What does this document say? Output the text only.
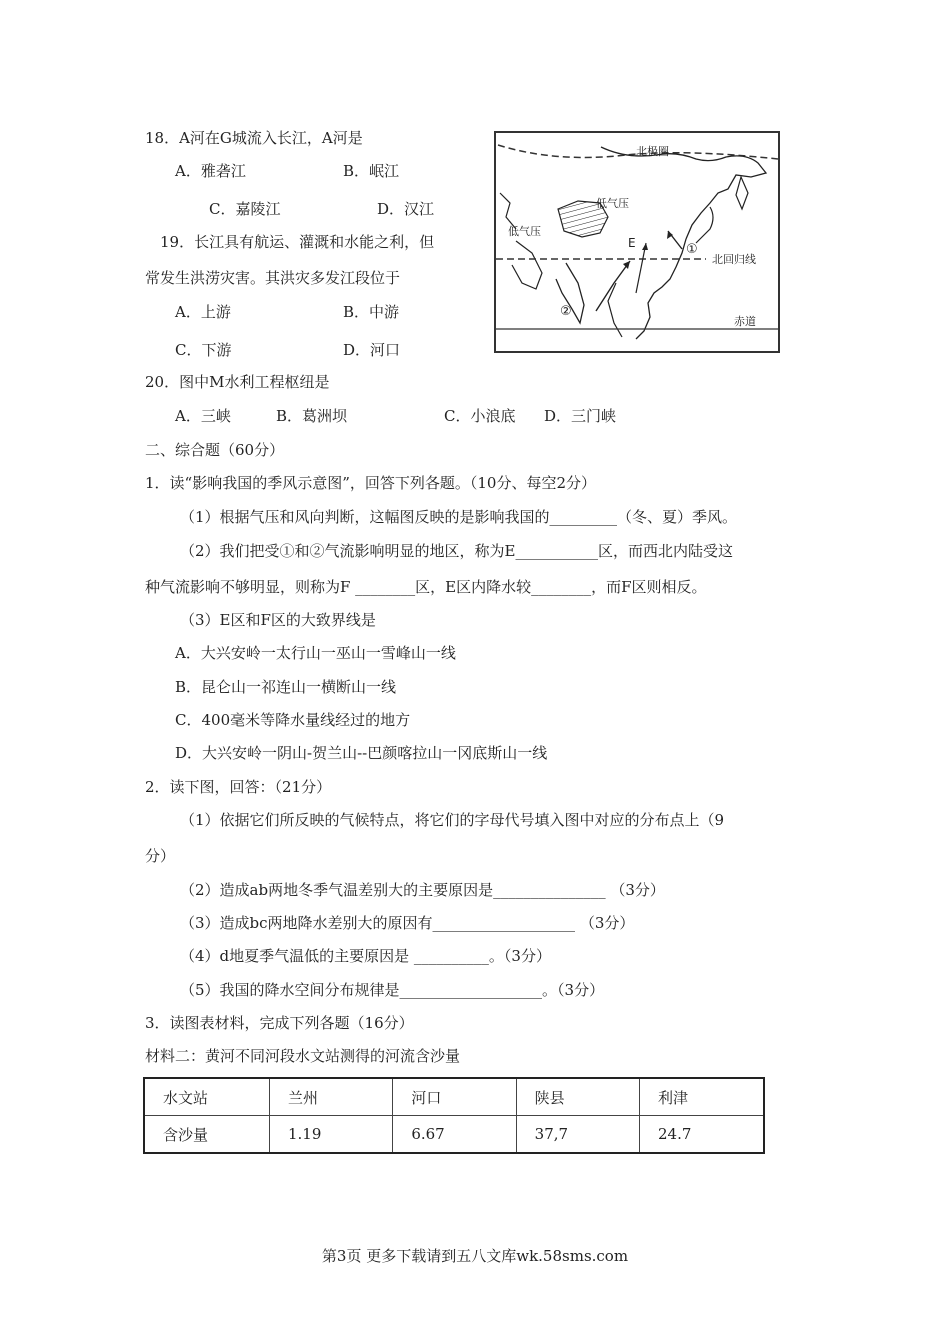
18．A河在G城流入长江，A河是
A．雅砻江	B．岷江
C．嘉陵江	D．汉江
19．长江具有航运、灌溉和水能之利，但
常发生洪涝灾害。其洪灾多发江段位于
A．上游	B．中游
C．下游	D．河口
北极圈
低气压
低气压
E	①
北回归线
②
赤道
20．图中M水利工程枢纽是
A．三峡	B．葛洲坝	C．小浪底 D．三门峡
二、综合题（60分）
1．读“影响我国的季风示意图”，回答下列各题。（10分、每空2分）
（1）根据气压和风向判断，这幅图反映的是影响我国的_________（冬、夏）季风。
（2）我们把受①和②气流影响明显的地区，称为E___________区，而西北内陆受这
种气流影响不够明显，则称为F ________区，E区内降水较________，而F区则相反。
（3）E区和F区的大致界线是
A．大兴安岭一太行山一巫山一雪峰山一线
B．昆仑山一祁连山一横断山一线
C．400毫米等降水量线经过的地方
D．大兴安岭一阴山-贺兰山--巴颜喀拉山一冈底斯山一线
2．读下图，回答：（21分）
（1）依据它们所反映的气候特点，将它们的字母代号填入图中对应的分布点上（9
分）
（2）造成ab两地冬季气温差别大的主要原因是_______________ （3分）
（3）造成bc两地降水差别大的原因有___________________ （3分）
（4）d地夏季气温低的主要原因是 __________。（3分）
（5）我国的降水空间分布规律是___________________。（3分）
3．读图表材料，完成下列各题（16分）
材料二：黄河不同河段水文站测得的河流含沙量
水文站	兰州	河口	陕县	利津
含沙量	1.19	6.67	37,7	24.7
第3页 更多下载请到五八文库wk.58sms.com
